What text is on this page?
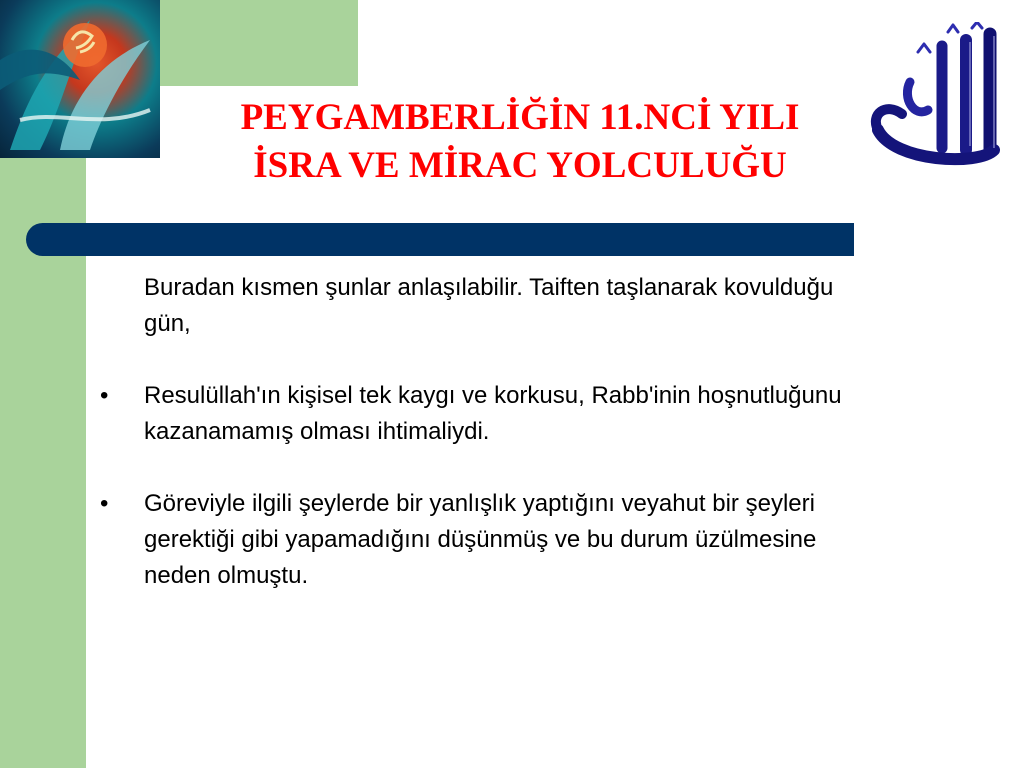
PEYGAMBERLİĞİN 11.NCİ YILI
İSRA VE MİRAC YOLCULUĞU

Buradan kısmen şunlar anlaşılabilir. Taiften taşlanarak kovulduğu gün,

• Resulüllah'ın kişisel tek kaygı ve korkusu, Rabb'inin hoşnutluğunu kazanamamış olması ihtimaliydi.

• Göreviyle ilgili şeylerde bir yanlışlık yaptığını veyahut bir şeyleri gerektiği gibi yapamadığını düşünmüş ve bu durum üzülmesine neden olmuştu.
